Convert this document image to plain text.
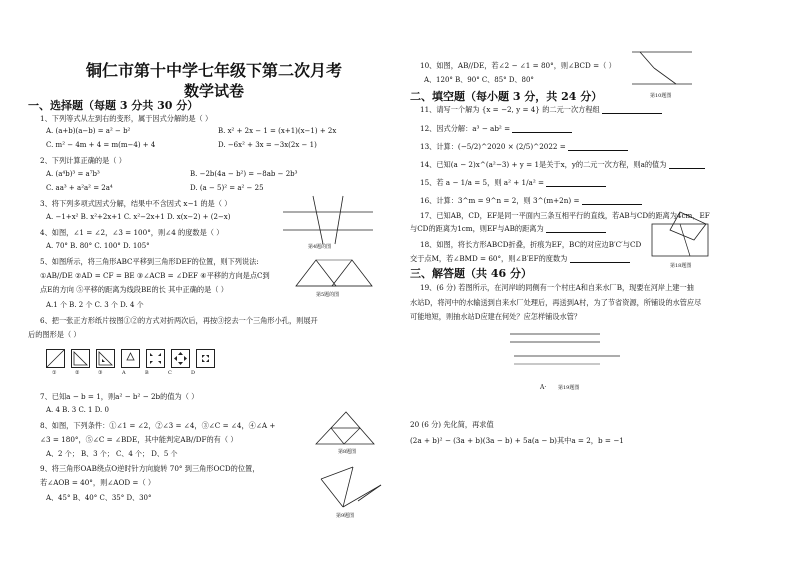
铜仁市第十中学七年级下第二次月考
数学试卷
一、选择题（每题 3 分共 30 分）
1、下列等式从左到右的变形，属于因式分解的是（ ）
A. (a+b)(a−b) = a² − b²	B. x² + 2x − 1 = (x+1)(x−1) + 2x
C. m² − 4m + 4 = m(m−4) + 4	D. −6x² + 3x = −3x(2x − 1)
2、下列计算正确的是（ ）
A. (a⁴b)³ = a⁷b³	B. −2b(4a − b²) = −8ab − 2b³
C. aa³ + a²a² = 2a⁴	D. (a − 5)² = a² − 25
3、将下列多项式因式分解，结果中不含因式 x−1 的是（ ）
A. −1+x² B. x²+2x+1 C. x²−2x+1 D. x(x−2) + (2−x)
4、如图，∠1 = ∠2，∠3 = 100°，则∠4 的度数是（ ）
A. 70° B. 80° C. 100° D. 105°	第4题的图
5、如图所示，将三角形ABC平移到三角形DEF的位置，则下列说法:
①AB//DE ②AD = CF = BE ③∠ACB = ∠DEF ④平移的方向是点C到
点E的方向 ⑤平移的距离为线段BE的长 其中正确的是（ ）
A.1 个 B. 2 个 C. 3 个 D. 4 个
第5题的图
6、把一张正方形纸片按图①②的方式对折两次后，再按③挖去一个三角形小孔，则展开
后的图形是（ ）
①	②	③	A	B	C	D
7、已知a − b = 1，则a² − b² − 2b的值为（ ）
A. 4 B. 3 C. 1 D. 0
8、如图，下列条件：①∠1 = ∠2，②∠3 = ∠4，③∠C = ∠4，④∠A +
∠3 = 180°，⑤∠C = ∠BDE，其中能判定AB//DF的有（ ）
A、2 个； B、3 个； C、4 个； D、5 个	第8题图
9、将三角形OAB绕点O逆时针方向旋转 70° 到三角形OCD的位置，
若∠AOB = 40°，则∠AOD =（ ）
A、45° B、40° C、35° D、30°
第9题图
10、如图，AB//DE，若∠2 − ∠1 = 80°，则∠BCD =（ ）
A、120° B、90° C、85° D、80°
第10题图
二、填空题（每小题 3 分，共 24 分）
11、请写一个解为 {x = −2, y = 4} 的二元一次方程组
12、因式分解：a³ − ab² =
13、计算：(−5/2)^2020 × (2/5)^2022 =
14、已知(a − 2)x^(a²−3) + y = 1是关于x，y的二元一次方程，则a的值为
15、若 a − 1/a = 5，则 a² + 1/a² =
16、计算：3^m = 9^n = 2，则 3^(m+2n) =
17、已知AB，CD，EF是同一平面内三条互相平行的直线，若AB与CD的距离为4cm，EF
与CD的距离为1cm，则EF与AB的距离为
18、如图，将长方形ABCD折叠，折痕为EF，BC的对应边B′C′与CD
交于点M，若∠BMD = 60°，则∠B′EF的度数为
第18题图
三、解答题（共 46 分）
19、(6 分) 若图所示，在河岸l的同侧有一个村庄A和自来水厂B，现要在河岸上建一抽
水站D，将河中的水输送到自来水厂处理后，再送到A村，为了节省资源，所铺设的水管应尽
可能地短，则抽水站D应建在何处？应怎样铺设水管？
A· 第19题图
20 (6 分) 先化简，再求值
(2a + b)² − (3a + b)(3a − b) + 5a(a − b)其中a = 2，b = −1
